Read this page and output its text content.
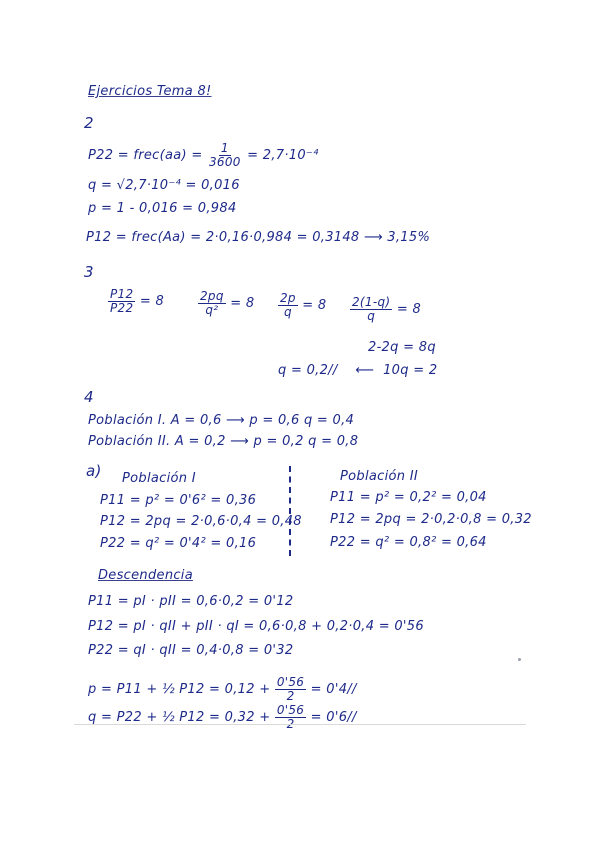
Ejercicios Tema 8!
2
P22 = frec(aa) = $\frac{1}{3600} = 2,7\cdot 10^{-4}$
q = √2,7·10⁻⁴ = 0,016
p = 1 - 0,016 = 0,984
P12 = frec(Aa) = 2·0,16·0,984 = 0,3148 ⟶ 3,15%
3
$\frac{P12}{P22} = 8$	$\frac{2pq}{\text{q²}} = 8 \frac{2p}{q} = 8 \frac{2(1-q)}{q} = 8$
2-2q = 8q
q = 0,2// ⟵ 10q = 2
4
Población I. A = 0,6 ⟶ p = 0,6 q = 0,4
Población II. A = 0,2 ⟶ p = 0,2 q = 0,8
a) Población I
P11 = p² = 0'6² = 0,36
P12 = 2pq = 2·0,6·0,4 = 0,48
P22 = q² = 0'4² = 0,16
Población II
P11 = p² = 0,2² = 0,04
P12 = 2pq = 2·0,2·0,8 = 0,32
P22 = q² = 0,8² = 0,64
Descendencia
P11 = pI · pII = 0,6·0,2 = 0'12
P12 = pI · qII + pII · qI = 0,6·0,8 + 0,2·0,4 = 0'56
P22 = qI · qII = 0,4·0,8 = 0'32
p = P11 + ½ $P12 = 0,12 + \frac{0'56}{2} = 0'4//$
q = P22 + ½ $P12 = 0,32 + \frac{0'56}{2} = 0'6//$
